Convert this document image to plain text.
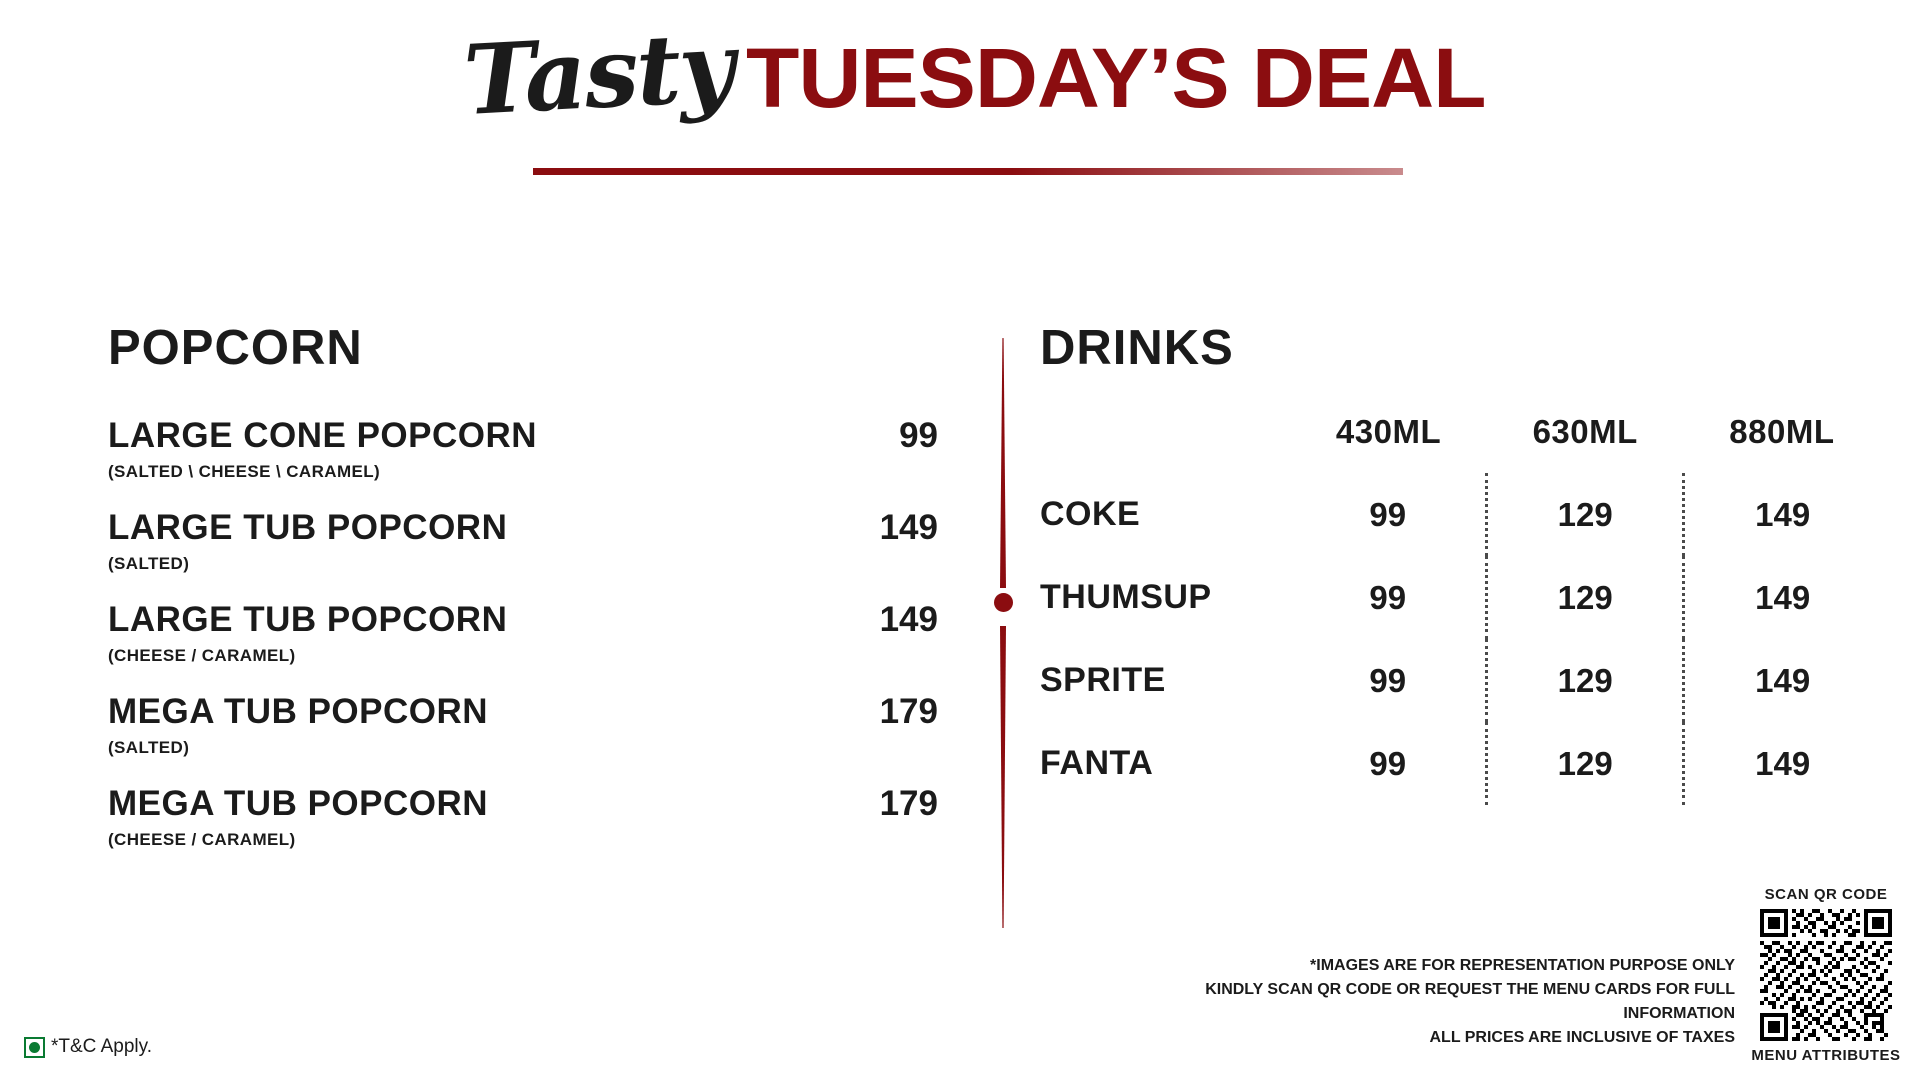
Tasty TUESDAY’S DEAL
POPCORN
LARGE CONE POPCORN	99
(SALTED \ CHEESE \ CARAMEL)
LARGE TUB POPCORN	149
(SALTED)
LARGE TUB POPCORN	149
(CHEESE / CARAMEL)
MEGA TUB POPCORN	179
(SALTED)
MEGA TUB POPCORN	179
(CHEESE / CARAMEL)
DRINKS
	430ML	630ML	880ML
COKE	99	129	149
THUMSUP	99	129	149
SPRITE	99	129	149
FANTA	99	129	149
*IMAGES ARE FOR REPRESENTATION PURPOSE ONLY
KINDLY SCAN QR CODE OR REQUEST THE MENU CARDS FOR FULL INFORMATION
ALL PRICES ARE INCLUSIVE OF TAXES
SCAN QR CODE
MENU ATTRIBUTES
*T&C Apply.
